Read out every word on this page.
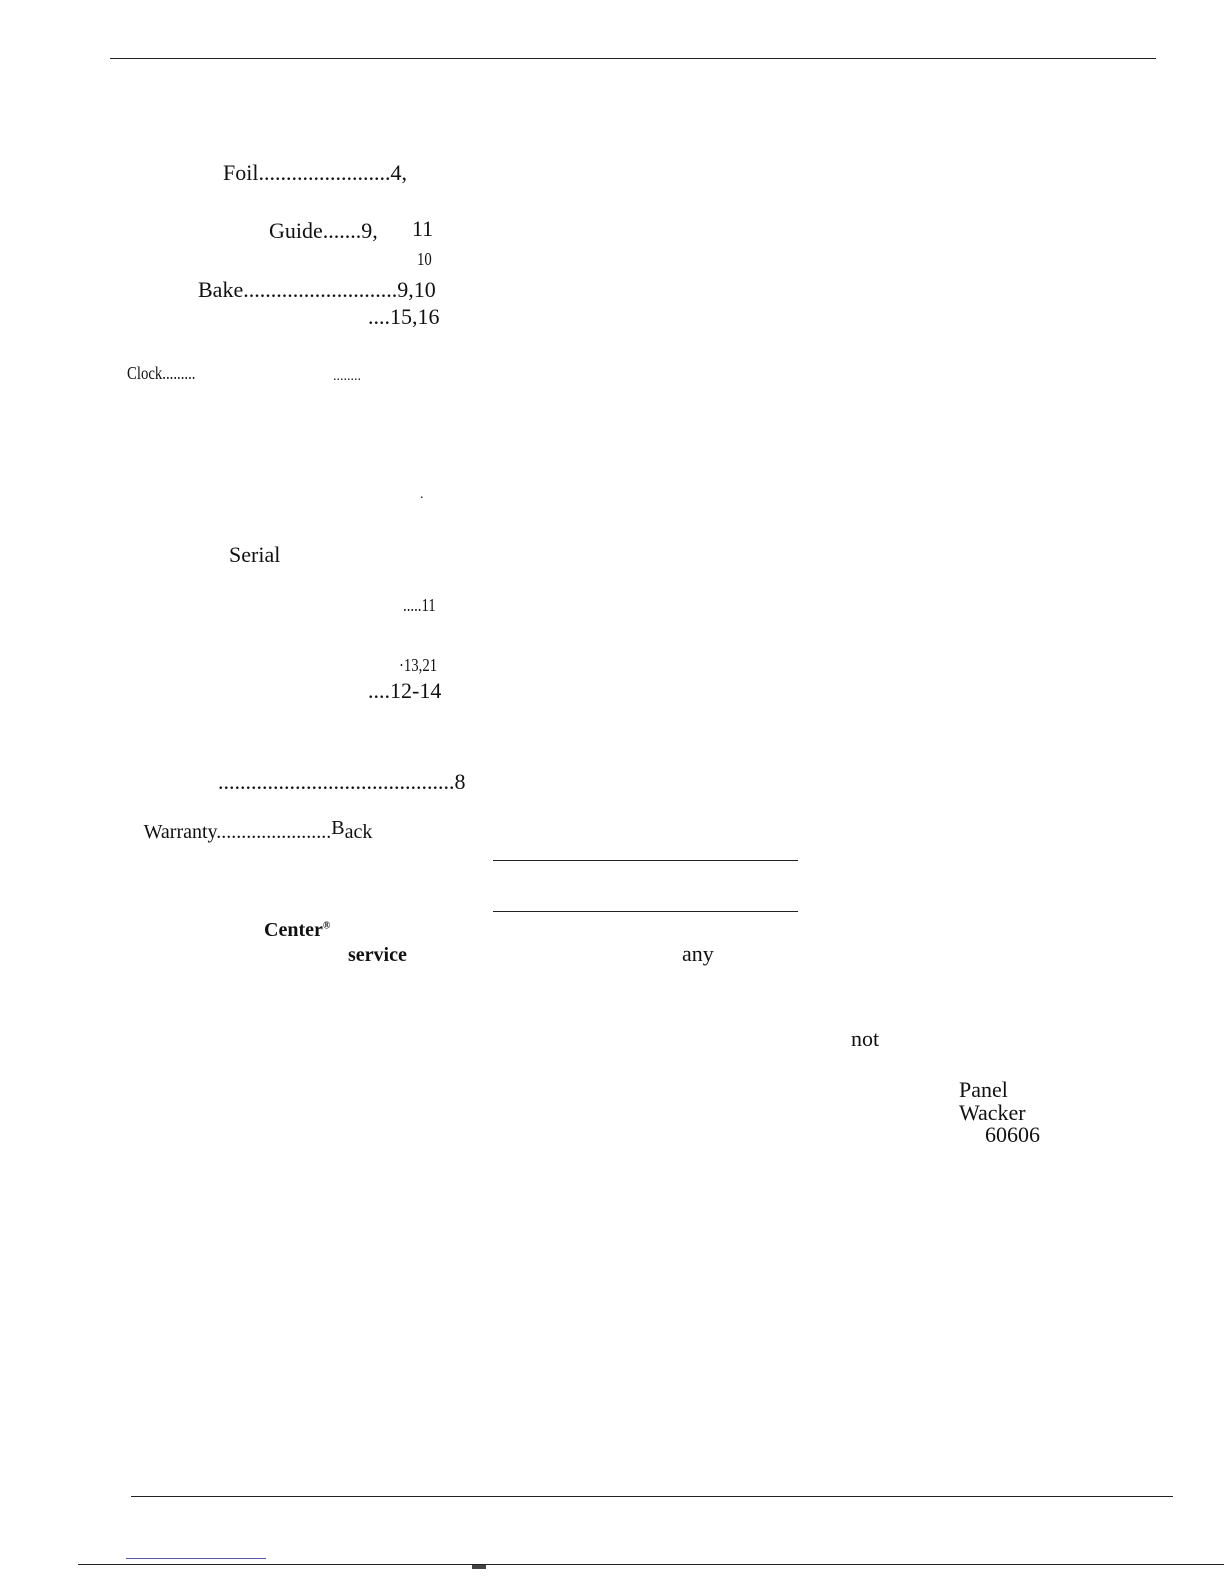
Foil........................4,
Guide.......9, 11
10
Bake............................9,10
....15,16
Clock.........	........
.
Serial
.....11
·13,21
....12-14
...........................................8

Warranty.......................Back

Center®

service	any
not
Panel
Wacker
60606
